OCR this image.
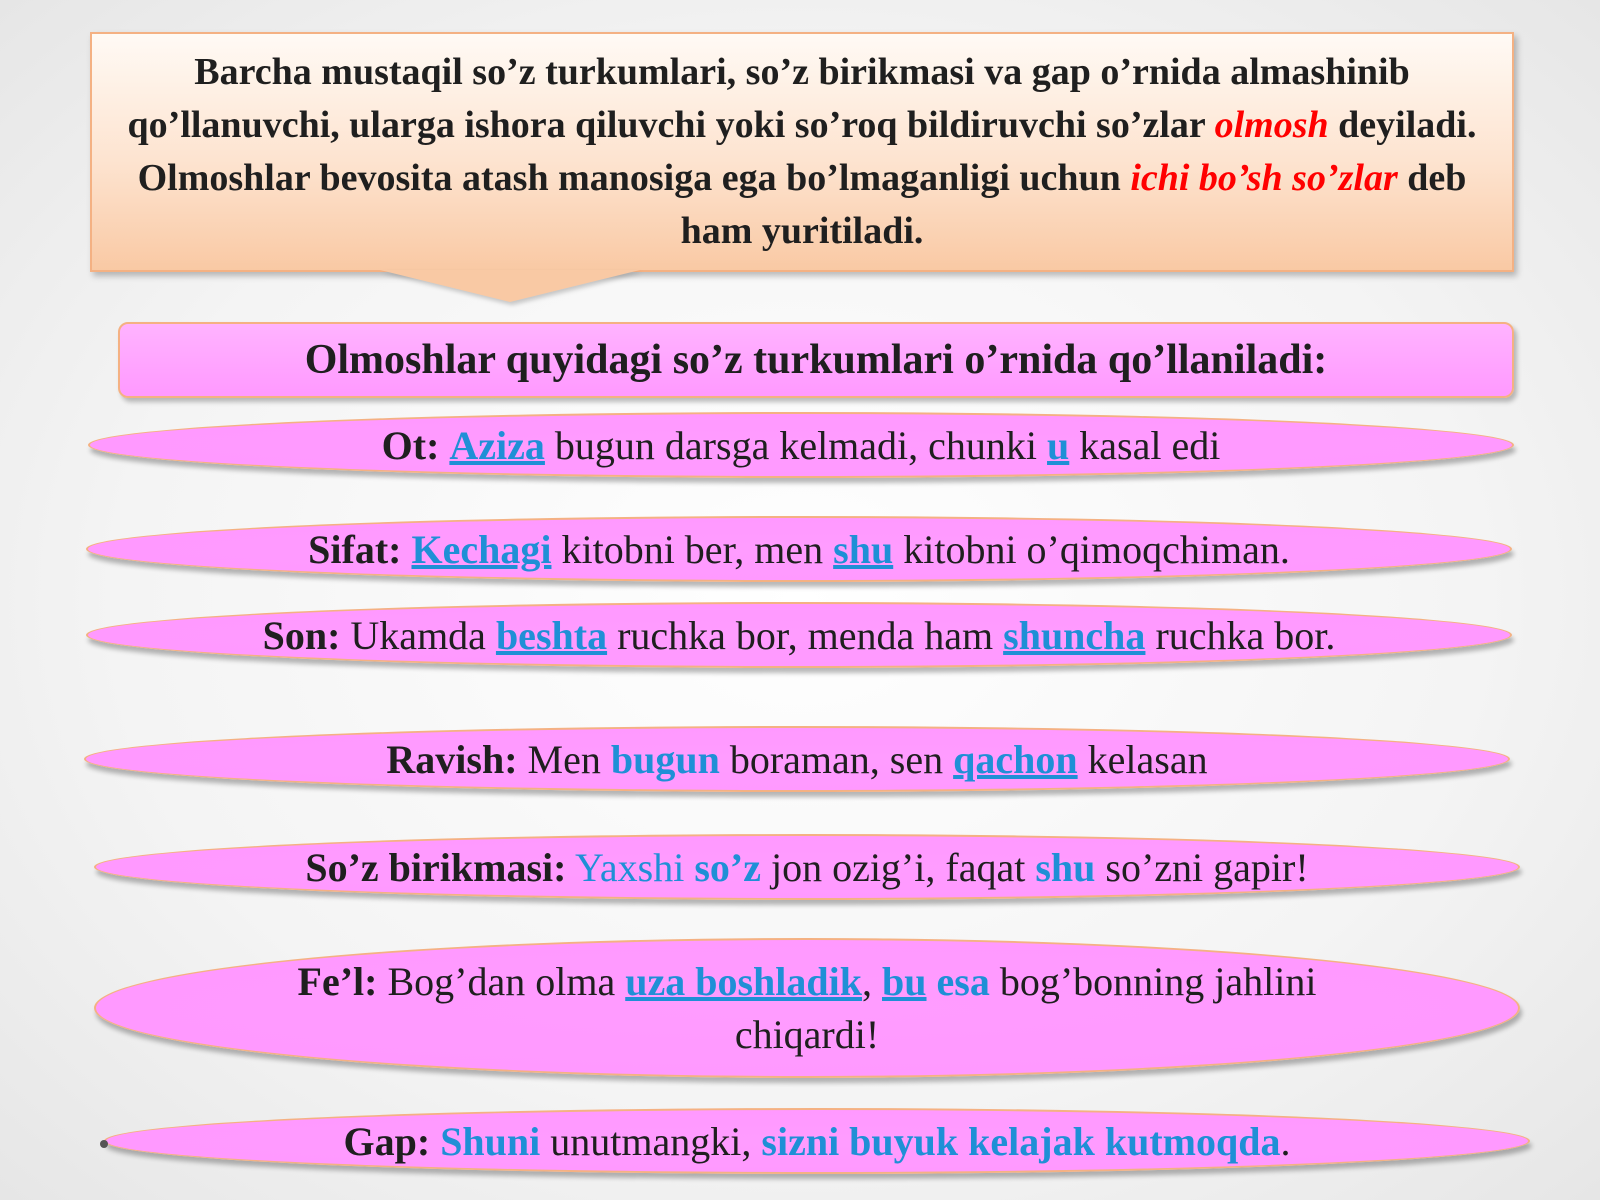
Barcha mustaqil so’z turkumlari, so’z birikmasi va gap o’rnida almashinib qo’llanuvchi, ularga ishora qiluvchi yoki so’roq bildiruvchi so’zlar olmosh deyiladi. Olmoshlar bevosita atash manosiga ega bo’lmaganligi uchun ichi bo’sh so’zlar deb ham yuritiladi.

Olmoshlar quyidagi so’z turkumlari o’rnida qo’llaniladi:
Ot: Aziza bugun darsga kelmadi, chunki u kasal edi
Sifat: Kechagi kitobni ber, men shu kitobni o’qimoqchiman.
Son: Ukamda beshta ruchka bor, menda ham shuncha ruchka bor.
Ravish: Men bugun boraman, sen qachon kelasan
So’z birikmasi: Yaxshi so’z jon ozig’i, faqat shu so’zni gapir!
Fe’l: Bog’dan olma uza boshladik, bu esa bog’bonning jahlini chiqardi!
Gap: Shuni unutmangki, sizni buyuk kelajak kutmoqda.
